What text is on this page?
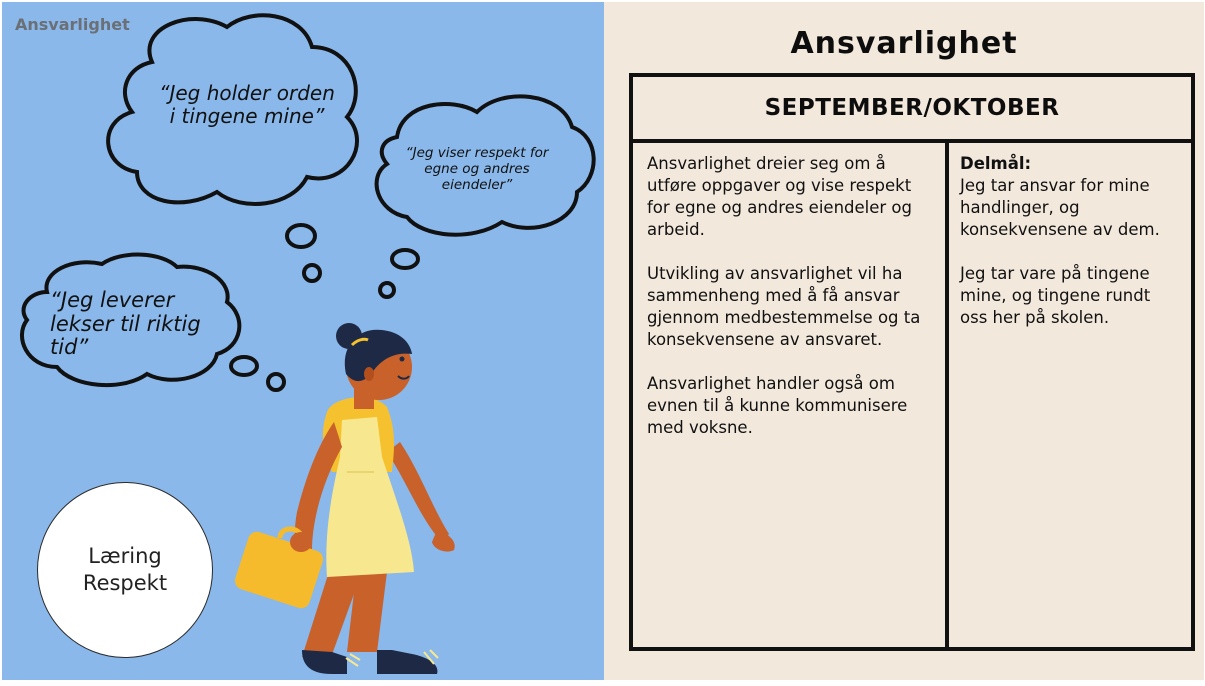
Ansvarlighet
“Jeg holder orden i tingene mine”
“Jeg viser respekt for egne og andres eiendeler”
“Jeg leverer lekser til riktig tid”
Læring
Respekt
Ansvarlighet
SEPTEMBER/OKTOBER

Ansvarlighet dreier seg om å utføre oppgaver og vise respekt for egne og andres eiendeler og arbeid.

Utvikling av ansvarlighet vil ha sammenheng med å få ansvar gjennom medbestemmelse og ta konsekvensene av ansvaret.

Ansvarlighet handler også om evnen til å kunne kommunisere med voksne.

Delmål:

Jeg tar ansvar for mine handlinger, og konsekvensene av dem.

Jeg tar vare på tingene mine, og tingene rundt oss her på skolen.
